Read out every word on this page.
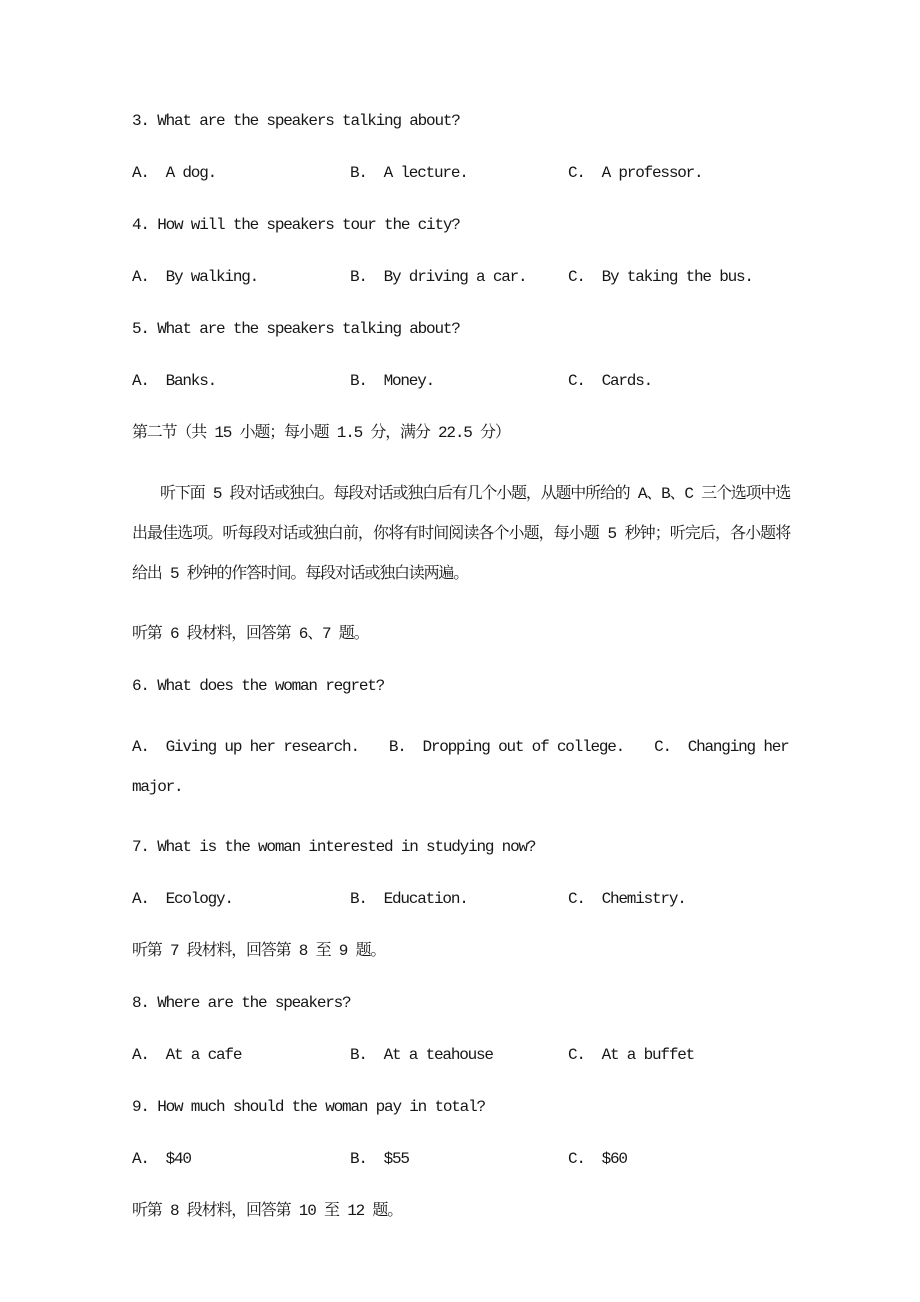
3. What are the speakers talking about?
A.  A dog.	B.  A lecture.	C.  A professor.
4. How will the speakers tour the city?
A.  By walking.	B.  By driving a car.	C.  By taking the bus.
5. What are the speakers talking about?
A.  Banks.	B.  Money.	C.  Cards.
第二节（共 15 小题；每小题 1.5 分，满分 22.5 分）
听下面 5 段对话或独白。每段对话或独白后有几个小题，从题中所给的 A、B、C 三个选项中选出最佳选项。听每段对话或独白前，你将有时间阅读各个小题，每小题 5 秒钟；听完后，各小题将给出 5 秒钟的作答时间。每段对话或独白读两遍。
听第 6 段材料，回答第 6、7 题。
6. What does the woman regret?
A.  Giving up her research. B.  Dropping out of college. C.  Changing her major.
7. What is the woman interested in studying now?
A.  Ecology.	B.  Education.	C.  Chemistry.
听第 7 段材料，回答第 8 至 9 题。
8. Where are the speakers?
A.  At a cafe	B.  At a teahouse	C.  At a buffet
9. How much should the woman pay in total?
A.  $40	B.  $55	C.  $60
听第 8 段材料，回答第 10 至 12 题。
